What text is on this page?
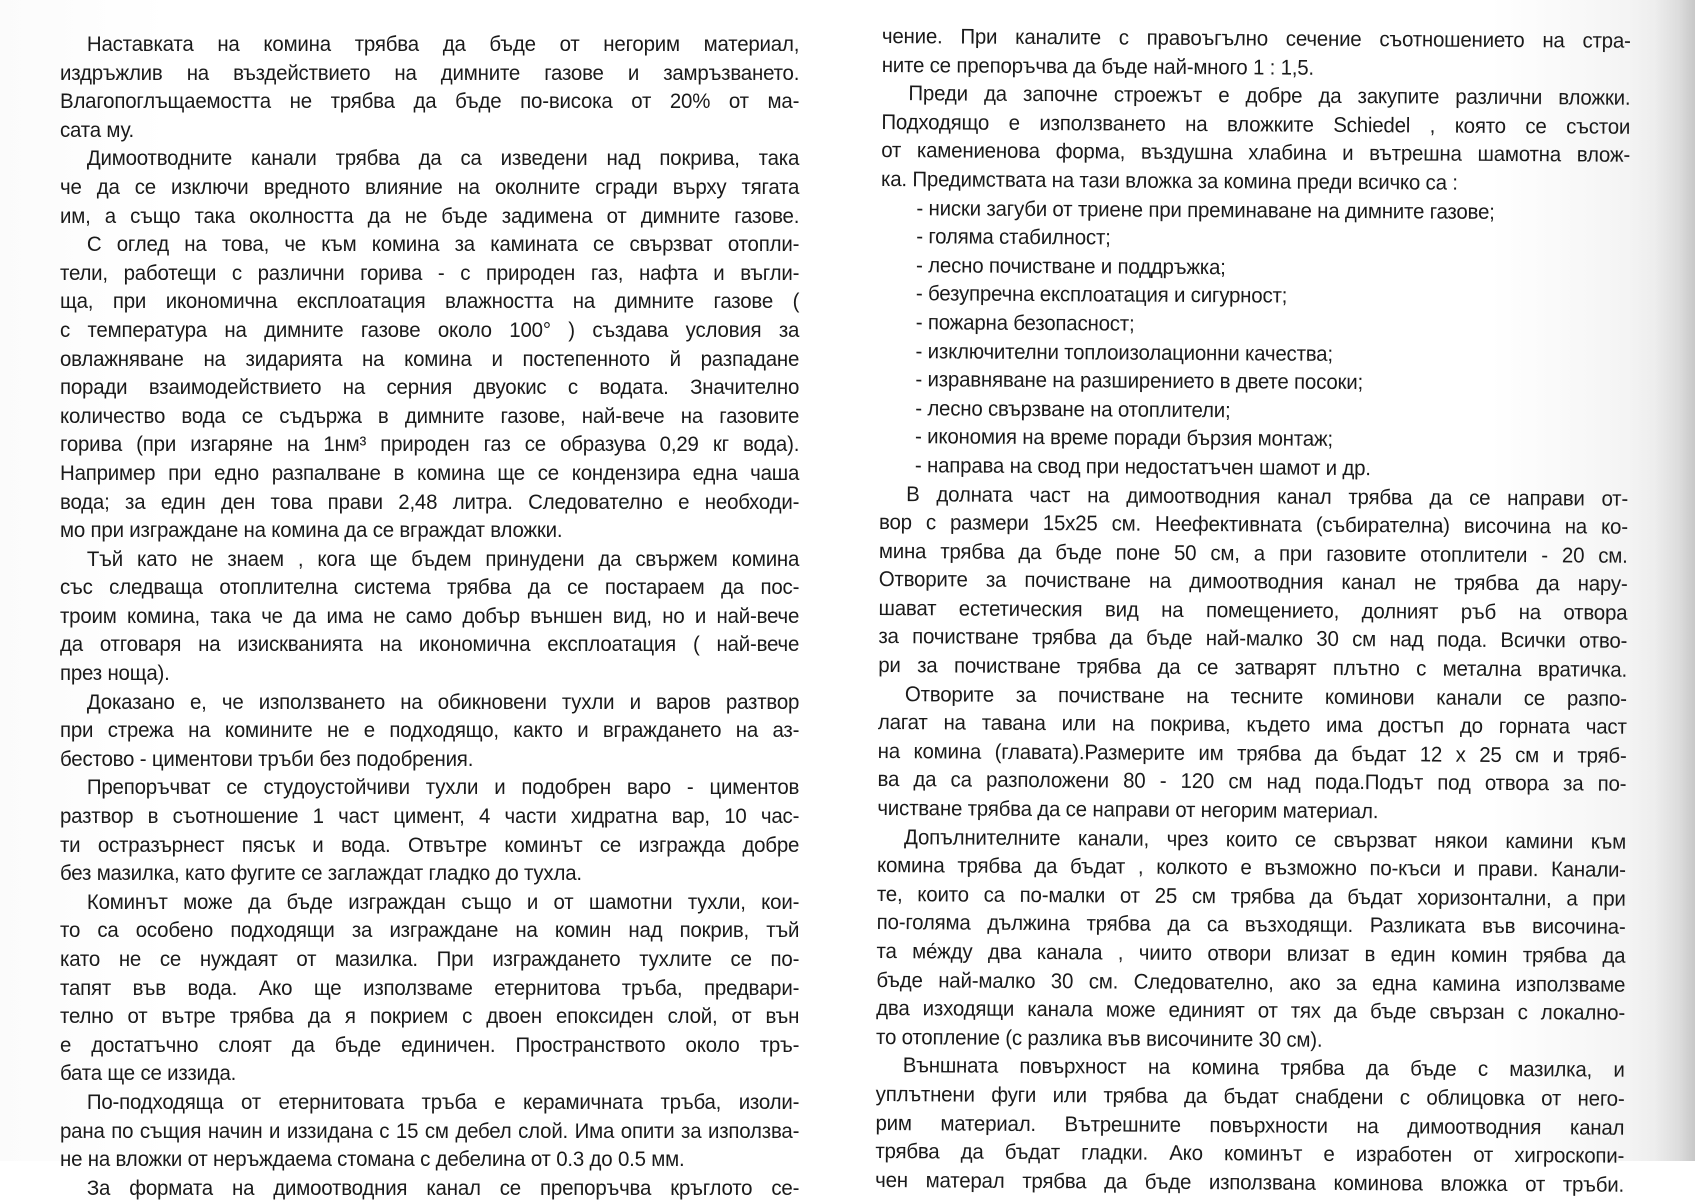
Наставката на комина трябва да бъде от негорим материал,
издръжлив на въздействието на димните газове и замръзването.
Влагопоглъщаемостта не трябва да бъде по-висока от 20% от ма-
сата му.
Димоотводните канали трябва да са изведени над покрива, така
че да се изключи вредното влияние на околните сгради върху тягата
им, а също така околността да не бъде задимена от димните газове.
С оглед на това, че към комина за камината се свързват отопли-
тели, работещи с различни горива - с природен газ, нафта и въгли-
ща, при икономична експлоатация влажността на димните газове (
с температура на димните газове около 100° ) създава условия за
овлажняване на зидарията на комина и постепенното й разпадане
поради взаимодействието на серния двуокис с водата. Значително
количество вода се съдържа в димните газове, най-вече на газовите
горива (при изгаряне на 1нм³ природен газ се образува 0,29 кг вода).
Например при едно разпалване в комина ще се кондензира една чаша
вода; за един ден това прави 2,48 литра. Следователно е необходи-
мо при изграждане на комина да се вграждат вложки.
Тъй като не знаем , кога ще бъдем принудени да свържем комина
със следваща отоплителна система трябва да се постараем да пос-
троим комина, така че да има не само добър външен вид, но и най-вече
да отговаря на изискванията на икономична експлоатация ( най-вече
през ноща).
Доказано е, че използването на обикновени тухли и варов разтвор
при стрежа на комините не е подходящо, както и вграждането на аз-
бестово - циментови тръби без подобрения.
Препоръчват се студоустойчиви тухли и подобрен варо - циментов
разтвор в съотношение 1 част цимент, 4 части хидратна вар, 10 час-
ти остразърнест пясък и вода. Отвътре коминът се изгражда добре
без мазилка, като фугите се заглаждат гладко до тухла.
Коминът може да бъде изграждан също и от шамотни тухли, кои-
то са особено подходящи за изграждане на комин над покрив, тъй
като не се нуждаят от мазилка. При изграждането тухлите се по-
тапят във вода. Ако ще използваме етернитова тръба, предвари-
телно от вътре трябва да я покрием с двоен епоксиден слой, от вън
е достатъчно слоят да бъде единичен. Пространството около тръ-
бата ще се иззида.
По-подходяща от етернитовата тръба е керамичната тръба, изоли-
рана по същия начин и иззидана с 15 см дебел слой. Има опити за използва-
не на вложки от неръждаема стомана с дебелина от 0.3 до 0.5 мм.
За формата на димоотводния канал се препоръчва кръглото се-
чение. При каналите с правоъгълно сечение съотношението на стра-
ните се препоръчва да бъде най-много 1 : 1,5.
Преди да започне строежът е добре да закупите различни вложки.
Подходящо е използването на вложките Schiedel , която се състои
от камениенова форма, въздушна хлабина и вътрешна шамотна влож-
ка. Предимствата на тази вложка за комина преди всичко са :
- ниски загуби от триене при преминаване на димните газове;
- голяма стабилност;
- лесно почистване и поддръжка;
- безупречна експлоатация и сигурност;
- пожарна безопасност;
- изключителни топлоизолационни качества;
- изравняване на разширението в двете посоки;
- лесно свързване на отоплители;
- икономия на време поради бързия монтаж;
- направа на свод при недостатъчен шамот и др.
В долната част на димоотводния канал трябва да се направи от-
вор с размери 15x25 см. Неефективната (събирателна) височина на ко-
мина трябва да бъде поне 50 см, а при газовите отоплители - 20 см.
Отворите за почистване на димоотводния канал не трябва да нару-
шават естетическия вид на помещението, долният ръб на отвора
за почистване трябва да бъде най-малко 30 см над пода. Всички отво-
ри за почистване трябва да се затварят плътно с метална вратичка.
Отворите за почистване на тесните коминови канали се разпо-
лагат на тавана или на покрива, където има достъп до горната част
на комина (главата).Размерите им трябва да бъдат 12 x 25 см и тряб-
ва да са разположени 80 - 120 см над пода.Подът под отвора за по-
чистване трябва да се направи от негорим материал.
Допълнителните канали, чрез които се свързват някои камини към
комина трябва да бъдат , колкото е възможно по-къси и прави. Канали-
те, които са по-малки от 25 см трябва да бъдат хоризонтални, а при
по-голяма дължина трябва да са възходящи. Разликата във височина-
та ме́жду два канала , чиито отвори влизат в един комин трябва да
бъде най-малко 30 см. Следователно, ако за една камина използваме
два изходящи канала може единият от тях да бъде свързан с локално-
то отопление (с разлика във височините 30 см).
Външната повърхност на комина трябва да бъде с мазилка, и
уплътнени фуги или трябва да бъдат снабдени с облицовка от него-
рим материал. Вътрешните повърхности на димоотводния канал
трябва да бъдат гладки. Ако коминът е изработен от хигроскопи-
чен матерал трябва да бъде използвана коминова вложка от тръби.
